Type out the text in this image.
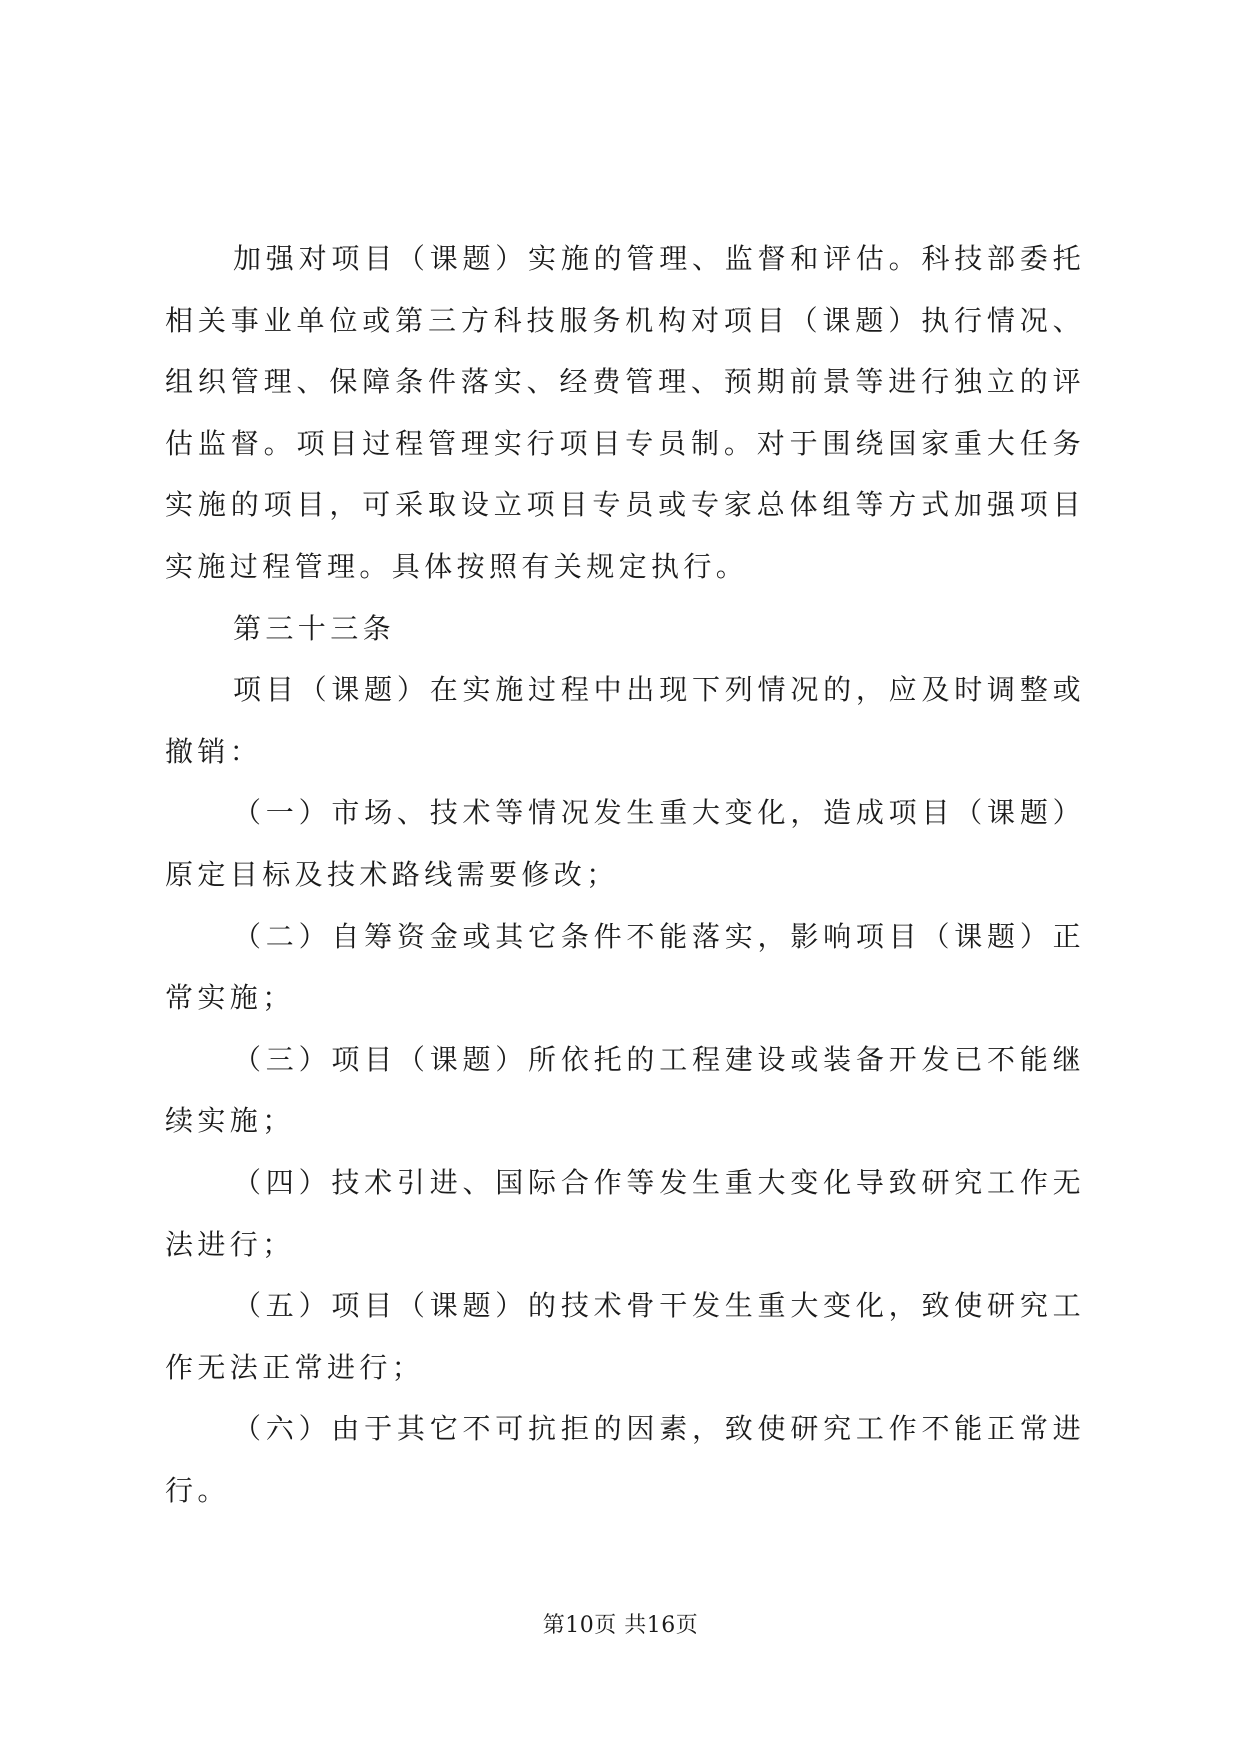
加强对项目（课题）实施的管理、监督和评估。科技部委托相关事业单位或第三方科技服务机构对项目（课题）执行情况、组织管理、保障条件落实、经费管理、预期前景等进行独立的评估监督。项目过程管理实行项目专员制。对于围绕国家重大任务实施的项目，可采取设立项目专员或专家总体组等方式加强项目实施过程管理。具体按照有关规定执行。

第三十三条

项目（课题）在实施过程中出现下列情况的，应及时调整或撤销：

（一）市场、技术等情况发生重大变化，造成项目（课题）原定目标及技术路线需要修改；

（二）自筹资金或其它条件不能落实，影响项目（课题）正常实施；

（三）项目（课题）所依托的工程建设或装备开发已不能继续实施；

（四）技术引进、国际合作等发生重大变化导致研究工作无法进行；

（五）项目（课题）的技术骨干发生重大变化，致使研究工作无法正常进行；

（六）由于其它不可抗拒的因素，致使研究工作不能正常进行。

第10页 共16页
